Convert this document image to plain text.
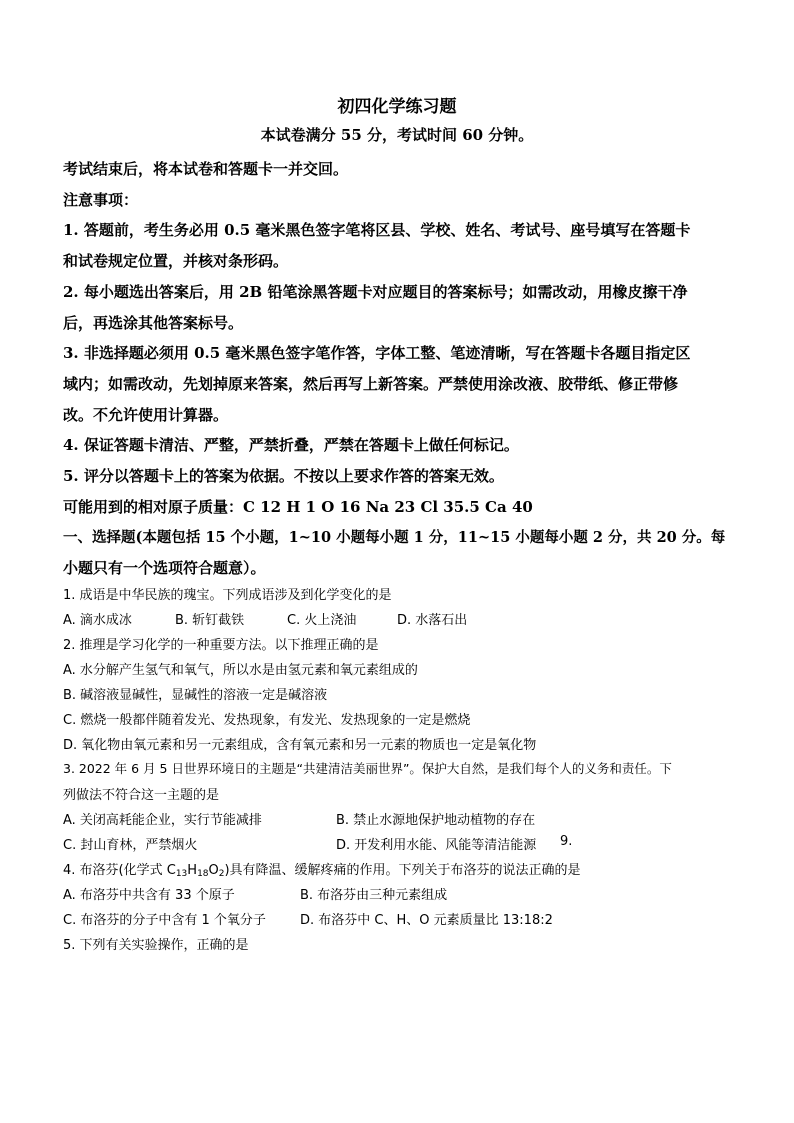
初四化学练习题
本试卷满分 55 分，考试时间 60 分钟。
考试结束后，将本试卷和答题卡一并交回。
注意事项：
1. 答题前，考生务必用 0.5 毫米黑色签字笔将区县、学校、姓名、考试号、座号填写在答题卡
和试卷规定位置，并核对条形码。
2. 每小题选出答案后，用 2B 铅笔涂黑答题卡对应题目的答案标号；如需改动，用橡皮擦干净
后，再选涂其他答案标号。
3. 非选择题必须用 0.5 毫米黑色签字笔作答，字体工整、笔迹清晰，写在答题卡各题目指定区
域内；如需改动，先划掉原来答案，然后再写上新答案。严禁使用涂改液、胶带纸、修正带修
改。不允许使用计算器。
4. 保证答题卡清洁、严整，严禁折叠，严禁在答题卡上做任何标记。
5. 评分以答题卡上的答案为依据。不按以上要求作答的答案无效。
可能用到的相对原子质量：C 12 H 1 O 16 Na 23 Cl 35.5 Ca 40
一、选择题(本题包括 15 个小题，1~10 小题每小题 1 分，11~15 小题每小题 2 分，共 20 分。每
小题只有一个选项符合题意）。
1. 成语是中华民族的瑰宝。下列成语涉及到化学变化的是
A. 滴水成冰	B. 斩钉截铁	C. 火上浇油	D. 水落石出
2. 推理是学习化学的一种重要方法。以下推理正确的是
A. 水分解产生氢气和氧气，所以水是由氢元素和氧元素组成的
B. 碱溶液显碱性，显碱性的溶液一定是碱溶液
C. 燃烧一般都伴随着发光、发热现象，有发光、发热现象的一定是燃烧
D. 氧化物由氧元素和另一元素组成，含有氧元素和另一元素的物质也一定是氧化物
3. 2022 年 6 月 5 日世界环境日的主题是“共建清洁美丽世界”。保护大自然，是我们每个人的义务和责任。下
列做法不符合这一主题的是
A. 关闭高耗能企业，实行节能减排	B. 禁止水源地保护地动植物的存在
C. 封山育林，严禁烟火	D. 开发利用水能、风能等清洁能源 9.
4. 布洛芬(化学式 $C_{13}H_{18}O_2$)具有降温、缓解疼痛的作用。下列关于布洛芬的说法正确的是
A. 布洛芬中共含有 33 个原子	B. 布洛芬由三种元素组成
C. 布洛芬的分子中含有 1 个氧分子	D. 布洛芬中 C、H、O 元素质量比 13:18:2
5. 下列有关实验操作，正确的是
